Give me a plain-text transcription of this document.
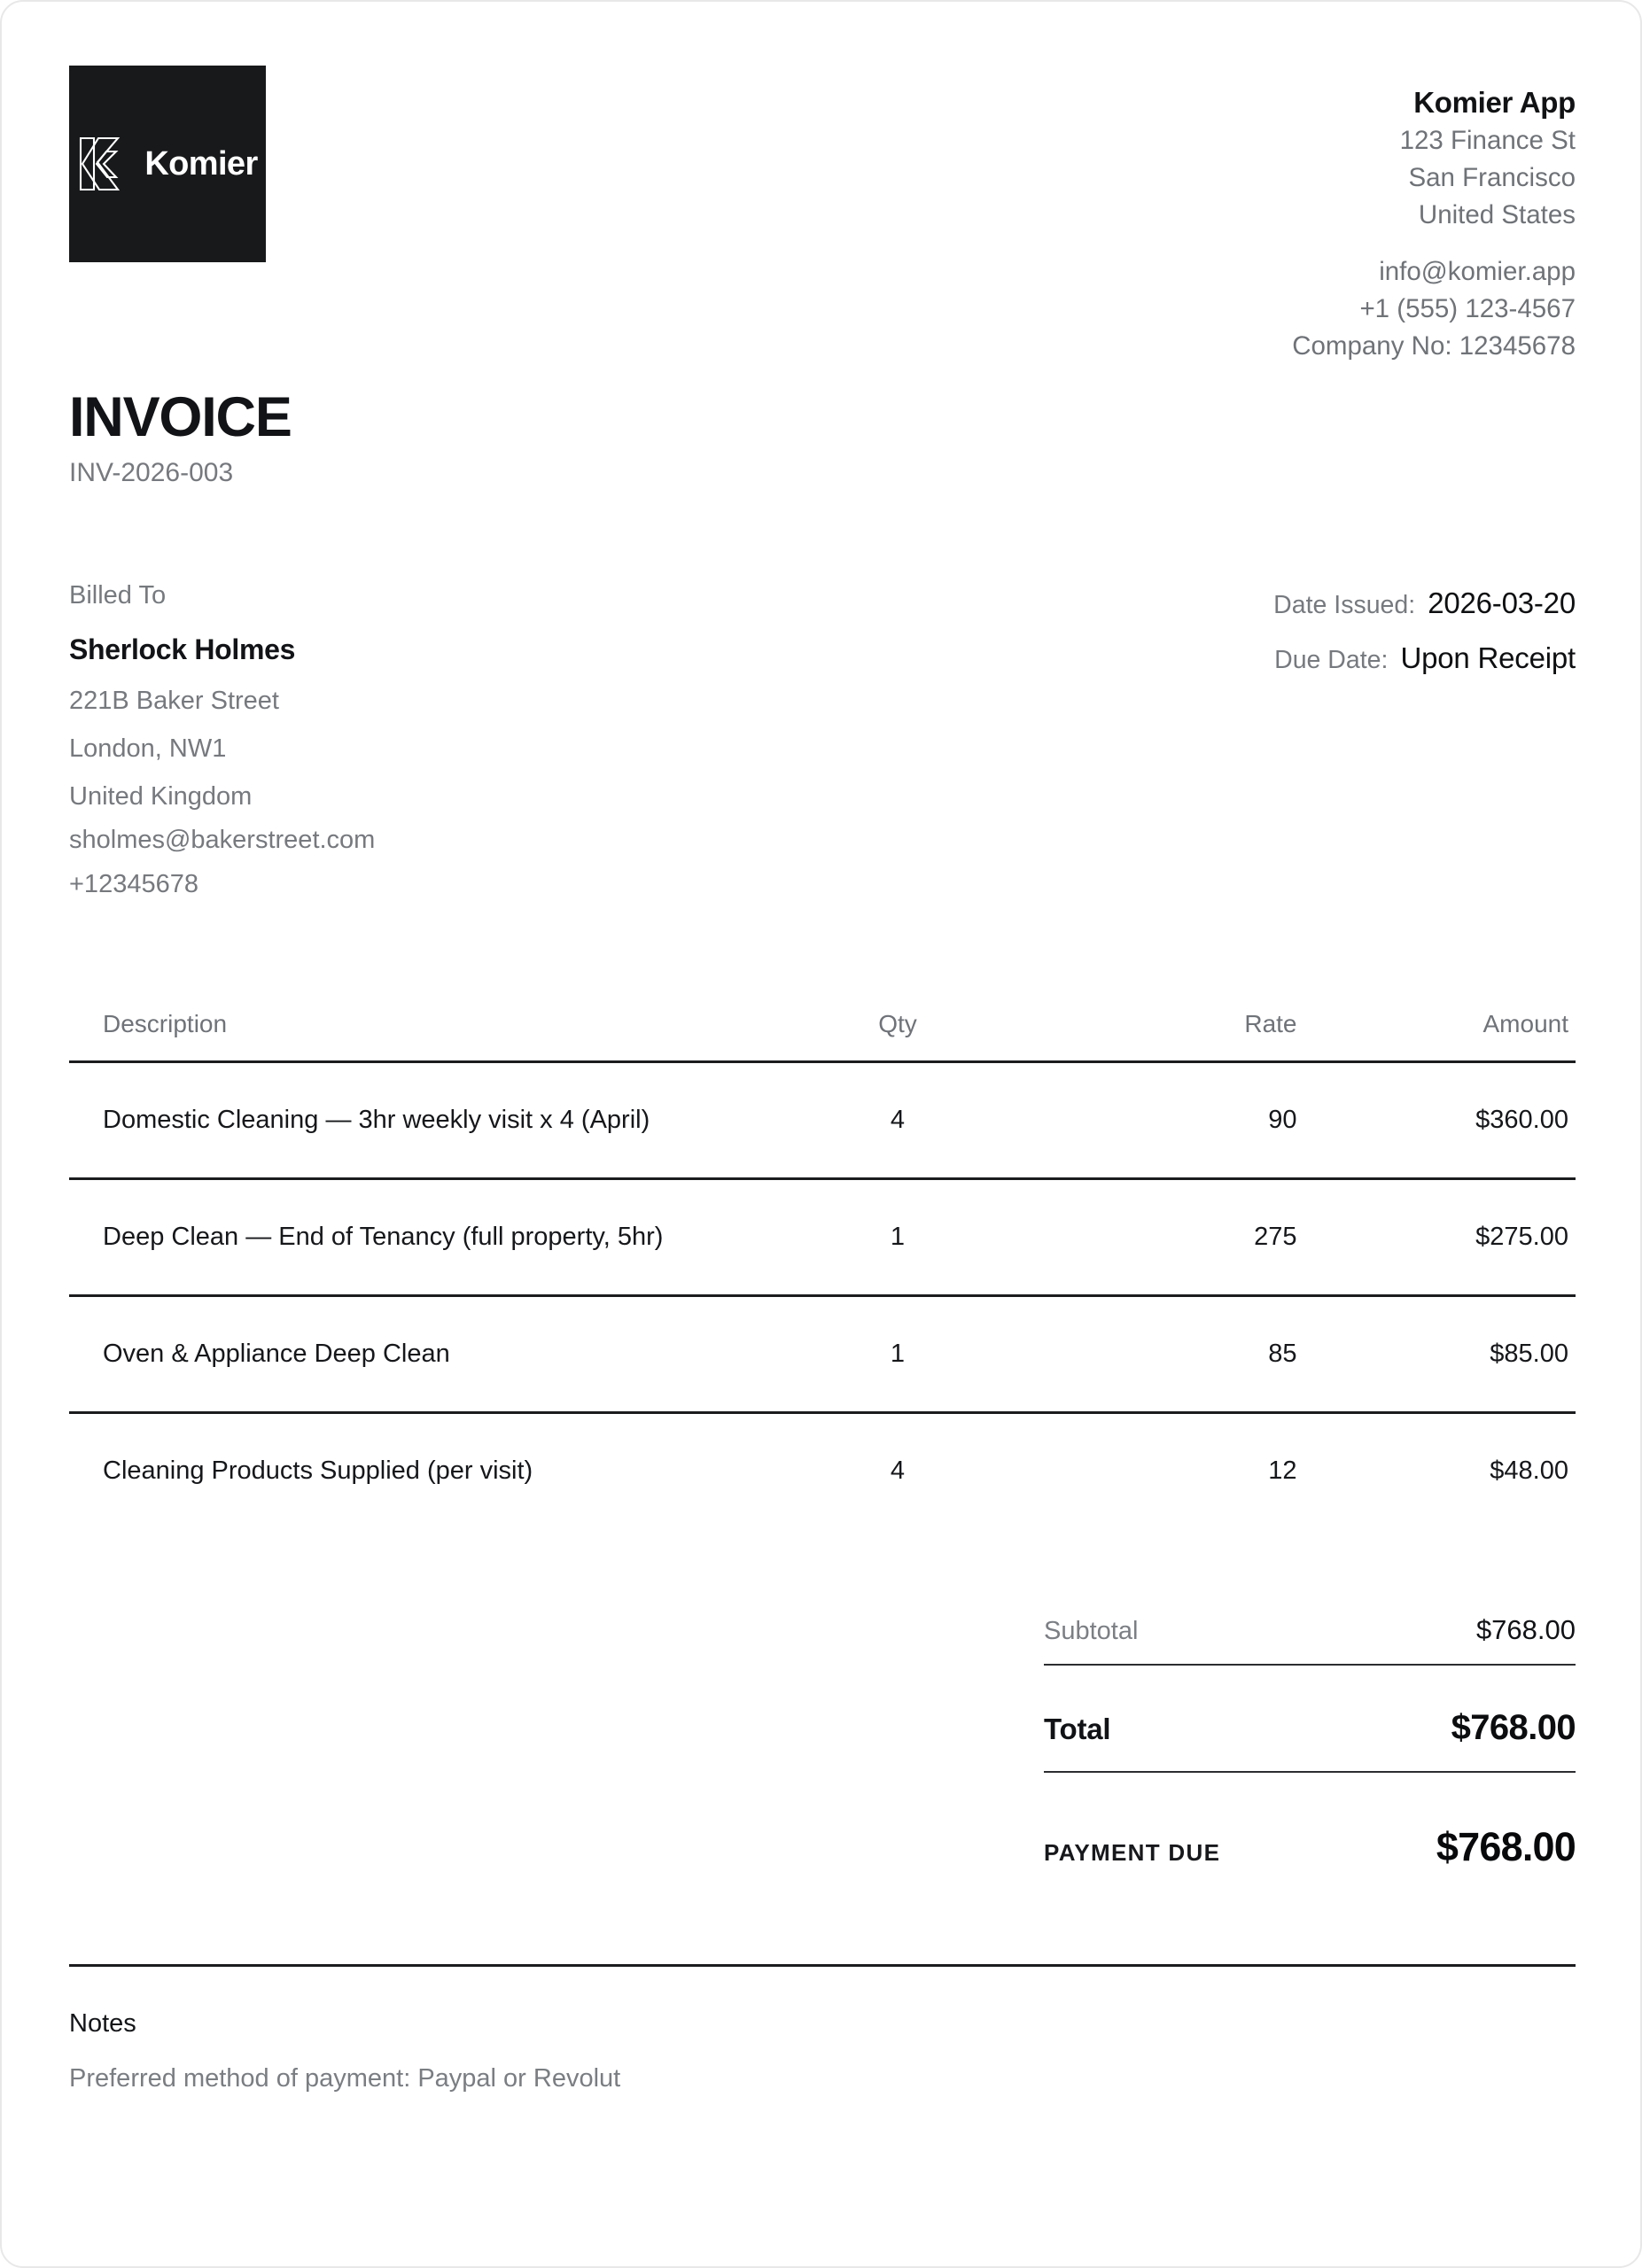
Komier
Komier App
123 Finance St
San Francisco
United States
info@komier.app
+1 (555) 123-4567
Company No: 12345678
INVOICE
INV-2026-003
Billed To
Sherlock Holmes
221B Baker Street
London, NW1
United Kingdom
sholmes@bakerstreet.com
+12345678
Date Issued: 2026-03-20
Due Date: Upon Receipt
Description	Qty	Rate	Amount
Domestic Cleaning — 3hr weekly visit x 4 (April)	4	90	$360.00
Deep Clean — End of Tenancy (full property, 5hr)	1	275	$275.00
Oven & Appliance Deep Clean	1	85	$85.00
Cleaning Products Supplied (per visit)	4	12	$48.00
Subtotal	$768.00
Total	$768.00
PAYMENT DUE	$768.00
Notes
Preferred method of payment: Paypal or Revolut
